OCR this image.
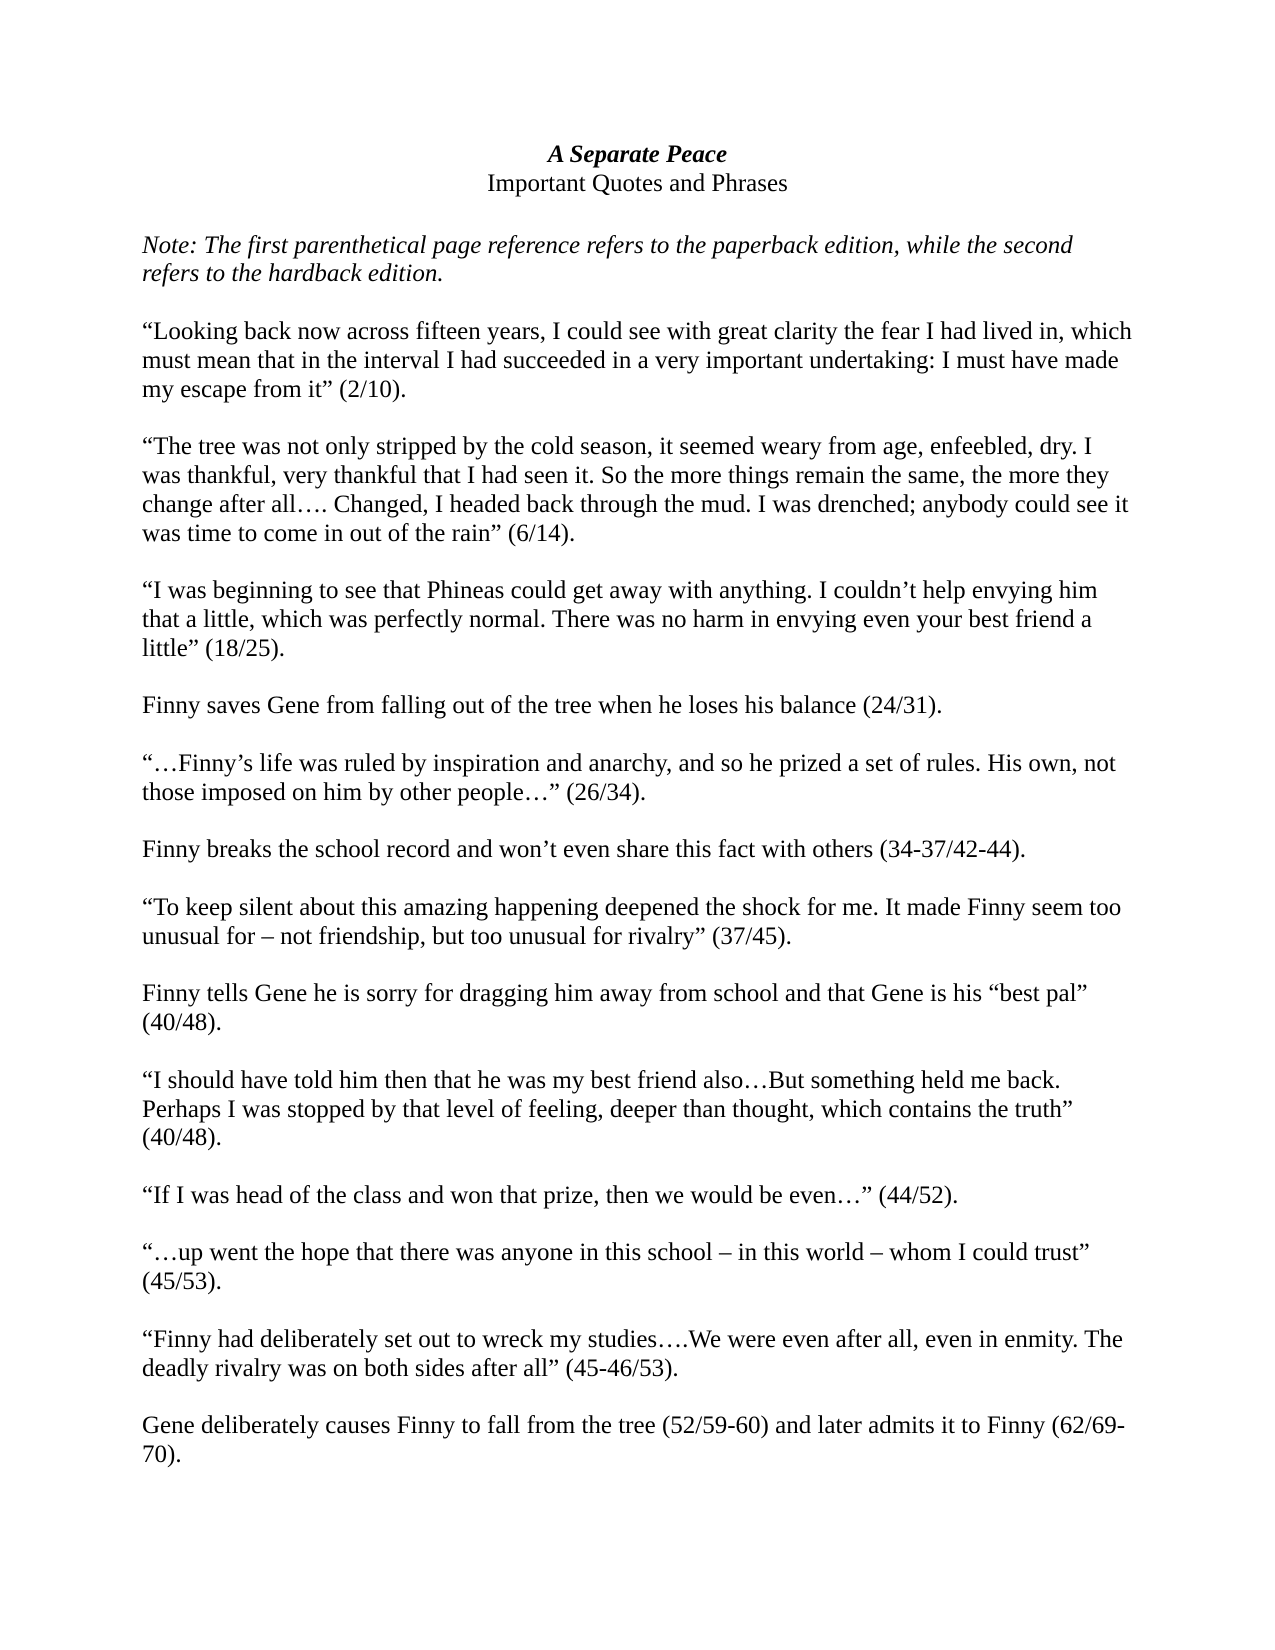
A Separate Peace
Important Quotes and Phrases

Note: The first parenthetical page reference refers to the paperback edition, while the second refers to the hardback edition.

“Looking back now across fifteen years, I could see with great clarity the fear I had lived in, which must mean that in the interval I had succeeded in a very important undertaking: I must have made my escape from it” (2/10).

“The tree was not only stripped by the cold season, it seemed weary from age, enfeebled, dry. I was thankful, very thankful that I had seen it. So the more things remain the same, the more they change after all…. Changed, I headed back through the mud. I was drenched; anybody could see it was time to come in out of the rain” (6/14).

“I was beginning to see that Phineas could get away with anything. I couldn’t help envying him that a little, which was perfectly normal. There was no harm in envying even your best friend a little” (18/25).

Finny saves Gene from falling out of the tree when he loses his balance (24/31).

“…Finny’s life was ruled by inspiration and anarchy, and so he prized a set of rules. His own, not those imposed on him by other people…” (26/34).

Finny breaks the school record and won’t even share this fact with others (34-37/42-44).

“To keep silent about this amazing happening deepened the shock for me. It made Finny seem too unusual for – not friendship, but too unusual for rivalry” (37/45).

Finny tells Gene he is sorry for dragging him away from school and that Gene is his “best pal” (40/48).

“I should have told him then that he was my best friend also…But something held me back. Perhaps I was stopped by that level of feeling, deeper than thought, which contains the truth” (40/48).

“If I was head of the class and won that prize, then we would be even…” (44/52).

“…up went the hope that there was anyone in this school – in this world – whom I could trust” (45/53).

“Finny had deliberately set out to wreck my studies….We were even after all, even in enmity. The deadly rivalry was on both sides after all” (45-46/53).

Gene deliberately causes Finny to fall from the tree (52/59-60) and later admits it to Finny (62/69-70).
